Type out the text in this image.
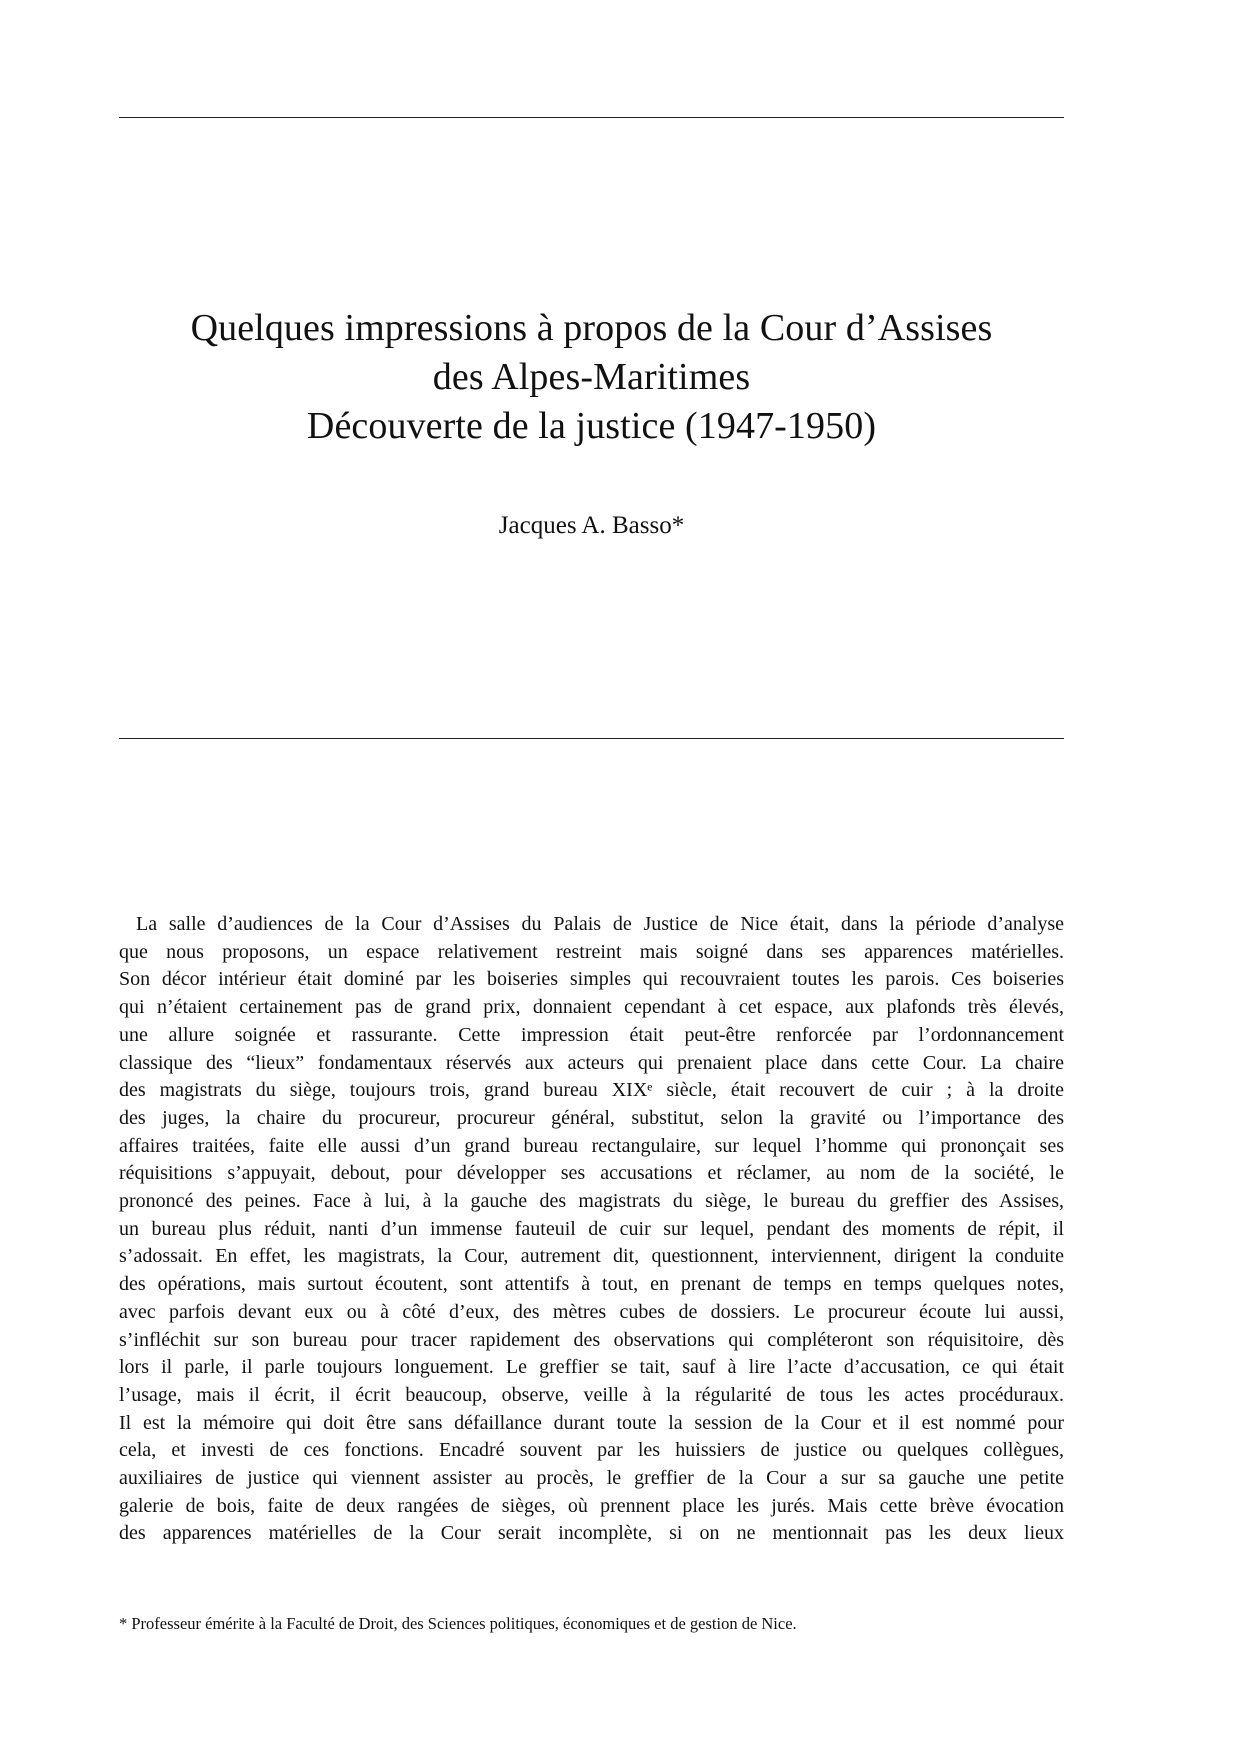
Quelques impressions à propos de la Cour d’Assises
des Alpes-Maritimes
Découverte de la justice (1947-1950)
Jacques A. Basso*
La salle d’audiences de la Cour d’Assises du Palais de Justice de Nice était, dans la période d’analyse
que nous proposons, un espace relativement restreint mais soigné dans ses apparences matérielles.
Son décor intérieur était dominé par les boiseries simples qui recouvraient toutes les parois. Ces boiseries
qui n’étaient certainement pas de grand prix, donnaient cependant à cet espace, aux plafonds très élevés,
une allure soignée et rassurante. Cette impression était peut-être renforcée par l’ordonnancement
classique des “lieux” fondamentaux réservés aux acteurs qui prenaient place dans cette Cour. La chaire
des magistrats du siège, toujours trois, grand bureau XIXᵉ siècle, était recouvert de cuir ; à la droite
des juges, la chaire du procureur, procureur général, substitut, selon la gravité ou l’importance des
affaires traitées, faite elle aussi d’un grand bureau rectangulaire, sur lequel l’homme qui prononçait ses
réquisitions s’appuyait, debout, pour développer ses accusations et réclamer, au nom de la société, le
prononcé des peines. Face à lui, à la gauche des magistrats du siège, le bureau du greffier des Assises,
un bureau plus réduit, nanti d’un immense fauteuil de cuir sur lequel, pendant des moments de répit, il
s’adossait. En effet, les magistrats, la Cour, autrement dit, questionnent, interviennent, dirigent la conduite
des opérations, mais surtout écoutent, sont attentifs à tout, en prenant de temps en temps quelques notes,
avec parfois devant eux ou à côté d’eux, des mètres cubes de dossiers. Le procureur écoute lui aussi,
s’infléchit sur son bureau pour tracer rapidement des observations qui compléteront son réquisitoire, dès
lors il parle, il parle toujours longuement. Le greffier se tait, sauf à lire l’acte d’accusation, ce qui était
l’usage, mais il écrit, il écrit beaucoup, observe, veille à la régularité de tous les actes procéduraux.
Il est la mémoire qui doit être sans défaillance durant toute la session de la Cour et il est nommé pour
cela, et investi de ces fonctions. Encadré souvent par les huissiers de justice ou quelques collègues,
auxiliaires de justice qui viennent assister au procès, le greffier de la Cour a sur sa gauche une petite
galerie de bois, faite de deux rangées de sièges, où prennent place les jurés. Mais cette brève évocation
des apparences matérielles de la Cour serait incomplète, si on ne mentionnait pas les deux lieux
* Professeur émérite à la Faculté de Droit, des Sciences politiques, économiques et de gestion de Nice.
